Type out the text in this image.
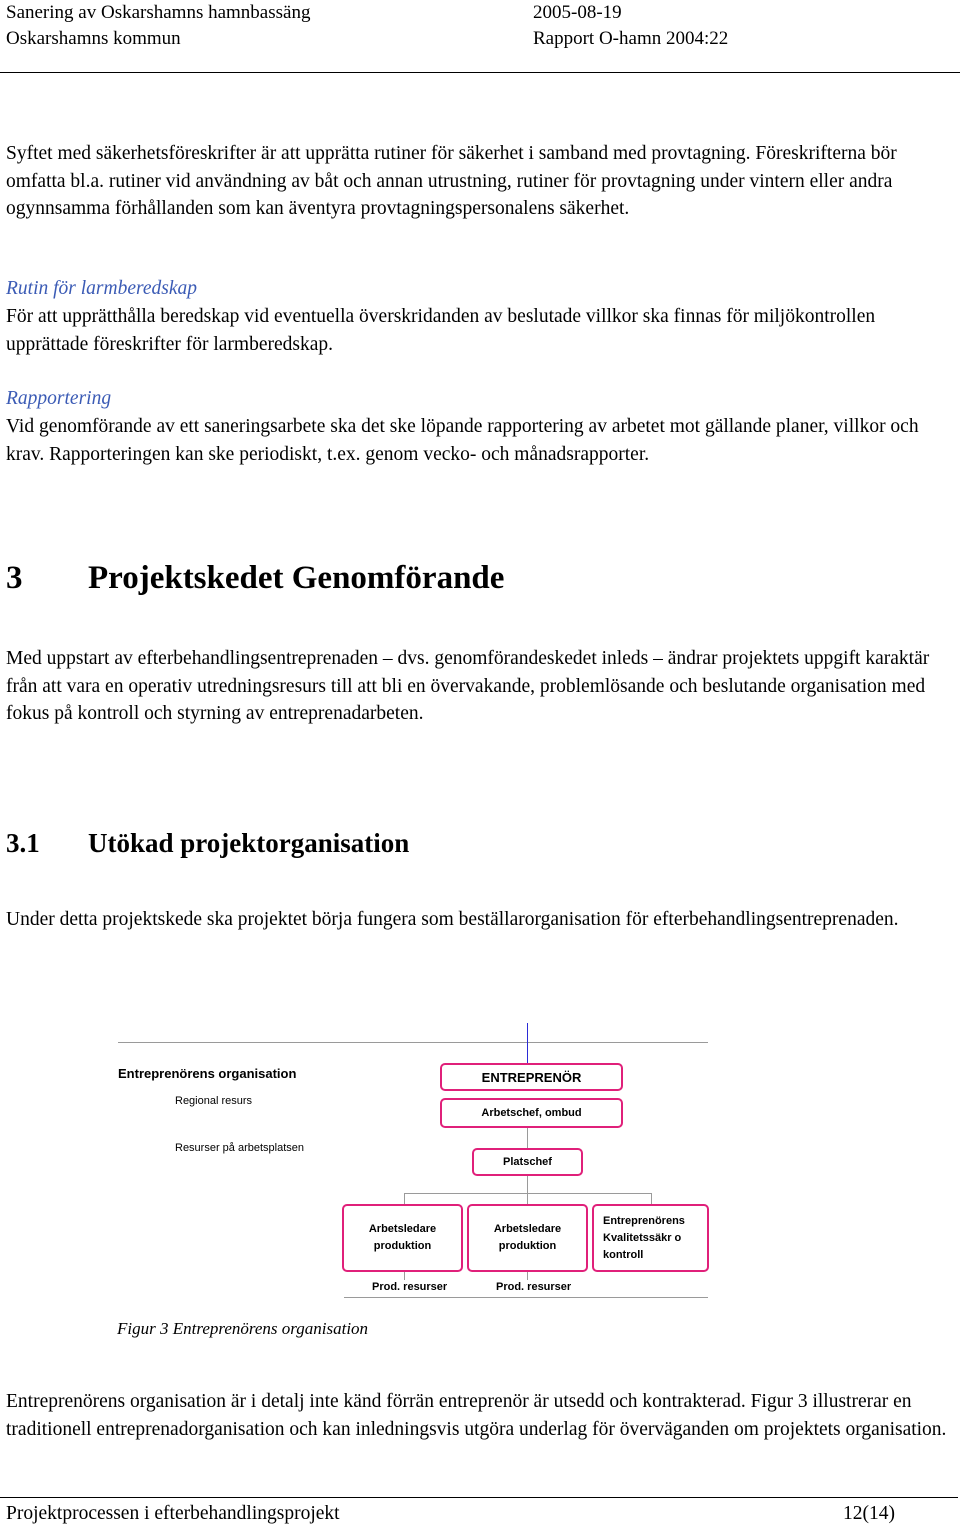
Sanering av Oskarshamns hamnbassäng	2005-08-19
Oskarshamns kommun	Rapport O-hamn 2004:22

Syftet med säkerhetsföreskrifter är att upprätta rutiner för säkerhet i samband med provtagning. Föreskrifterna bör omfatta bl.a. rutiner vid användning av båt och annan utrustning, rutiner för provtagning under vintern eller andra ogynnsamma förhållanden som kan äventyra provtagningspersonalens säkerhet.

Rutin för larmberedskap

För att upprätthålla beredskap vid eventuella överskridanden av beslutade villkor ska finnas för miljökontrollen upprättade föreskrifter för larmberedskap.

Rapportering

Vid genomförande av ett saneringsarbete ska det ske löpande rapportering av arbetet mot gällande planer, villkor och krav. Rapporteringen kan ske periodiskt, t.ex. genom vecko- och månadsrapporter.

3 Projektskedet Genomförande

Med uppstart av efterbehandlingsentreprenaden – dvs. genomförandeskedet inleds – ändrar projektets uppgift karaktär från att vara en operativ utredningsresurs till att bli en övervakande, problemlösande och beslutande organisation med fokus på kontroll och styrning av entreprenadarbeten.

3.1 Utökad projektorganisation

Under detta projektskede ska projektet börja fungera som beställarorganisation för efterbehandlingsentreprenaden.

Entreprenörens organisation
Regional resurs
Resurser på arbetsplatsen
ENTREPRENÖR
Arbetschef, ombud
Platschef
Arbetsledare
produktion
Arbetsledare
produktion
Entreprenörens
Kvalitetssäkr o
kontroll
Prod. resurser	Prod. resurser
Figur 3 Entreprenörens organisation

Entreprenörens organisation är i detalj inte känd förrän entreprenör är utsedd och kontrakterad. Figur 3 illustrerar en traditionell entreprenadorganisation och kan inledningsvis utgöra underlag för överväganden om projektets organisation.

Projektprocessen i efterbehandlingsprojekt	12(14)
